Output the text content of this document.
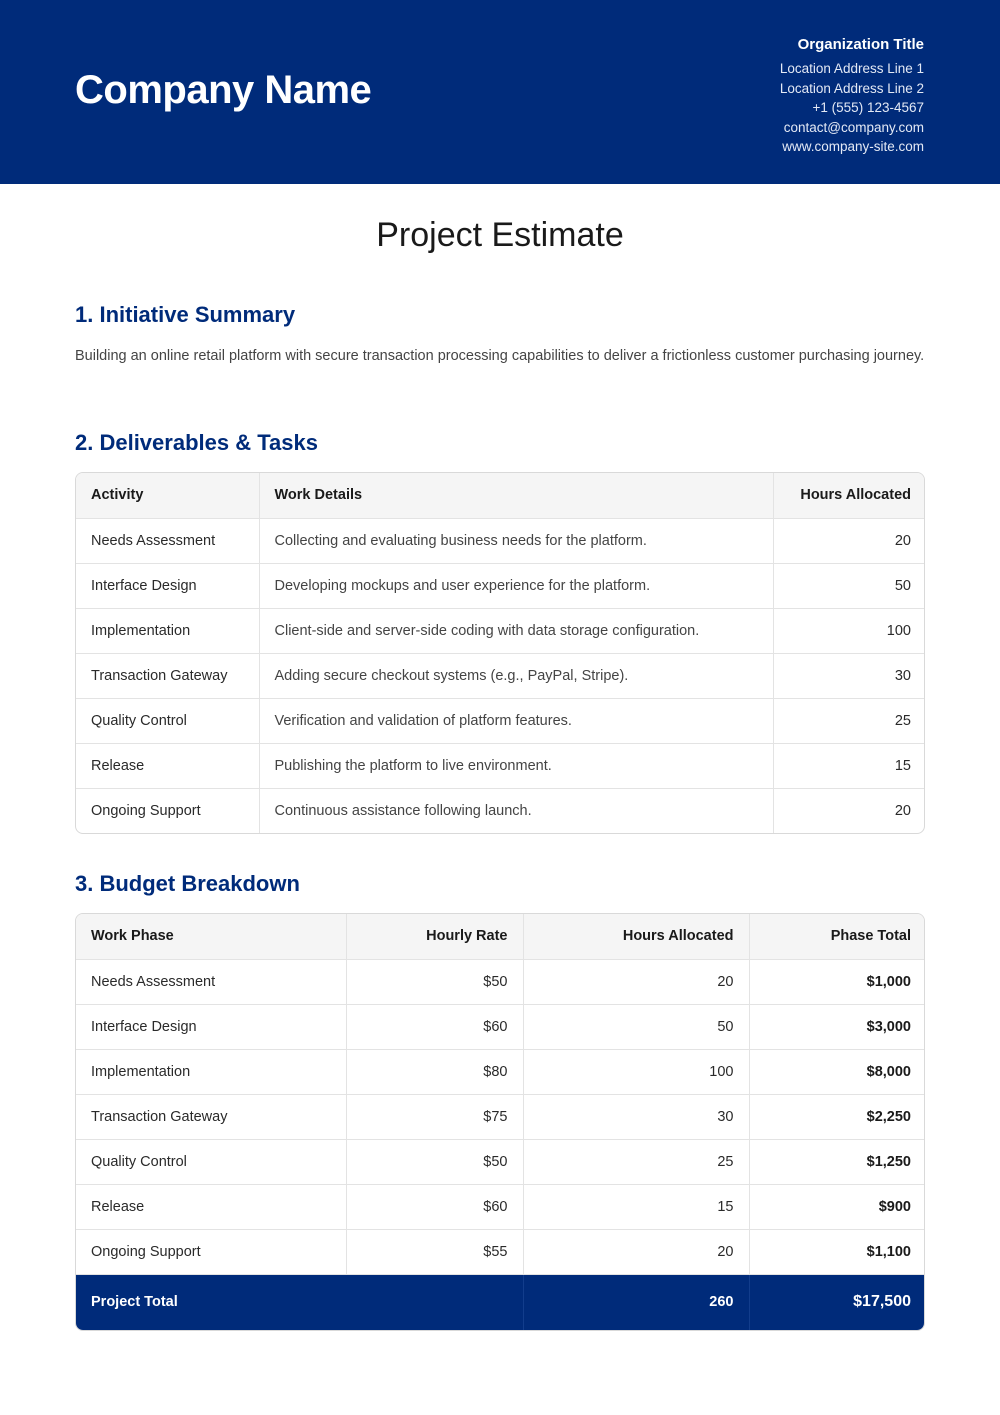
Company Name
Organization Title
Location Address Line 1
Location Address Line 2
+1 (555) 123-4567
contact@company.com
www.company-site.com
Project Estimate
1. Initiative Summary

Building an online retail platform with secure transaction processing capabilities to deliver a frictionless customer purchasing journey.

2. Deliverables & Tasks
Activity	Work Details	Hours Allocated
Needs Assessment	Collecting and evaluating business needs for the platform.	20
Interface Design	Developing mockups and user experience for the platform.	50
Implementation	Client-side and server-side coding with data storage configuration.	100
Transaction Gateway	Adding secure checkout systems (e.g., PayPal, Stripe).	30
Quality Control	Verification and validation of platform features.	25
Release	Publishing the platform to live environment.	15
Ongoing Support	Continuous assistance following launch.	20
3. Budget Breakdown
Work Phase	Hourly Rate	Hours Allocated	Phase Total
Needs Assessment	$50	20	$1,000
Interface Design	$60	50	$3,000
Implementation	$80	100	$8,000
Transaction Gateway	$75	30	$2,250
Quality Control	$50	25	$1,250
Release	$60	15	$900
Ongoing Support	$55	20	$1,100
Project Total		260	$17,500
